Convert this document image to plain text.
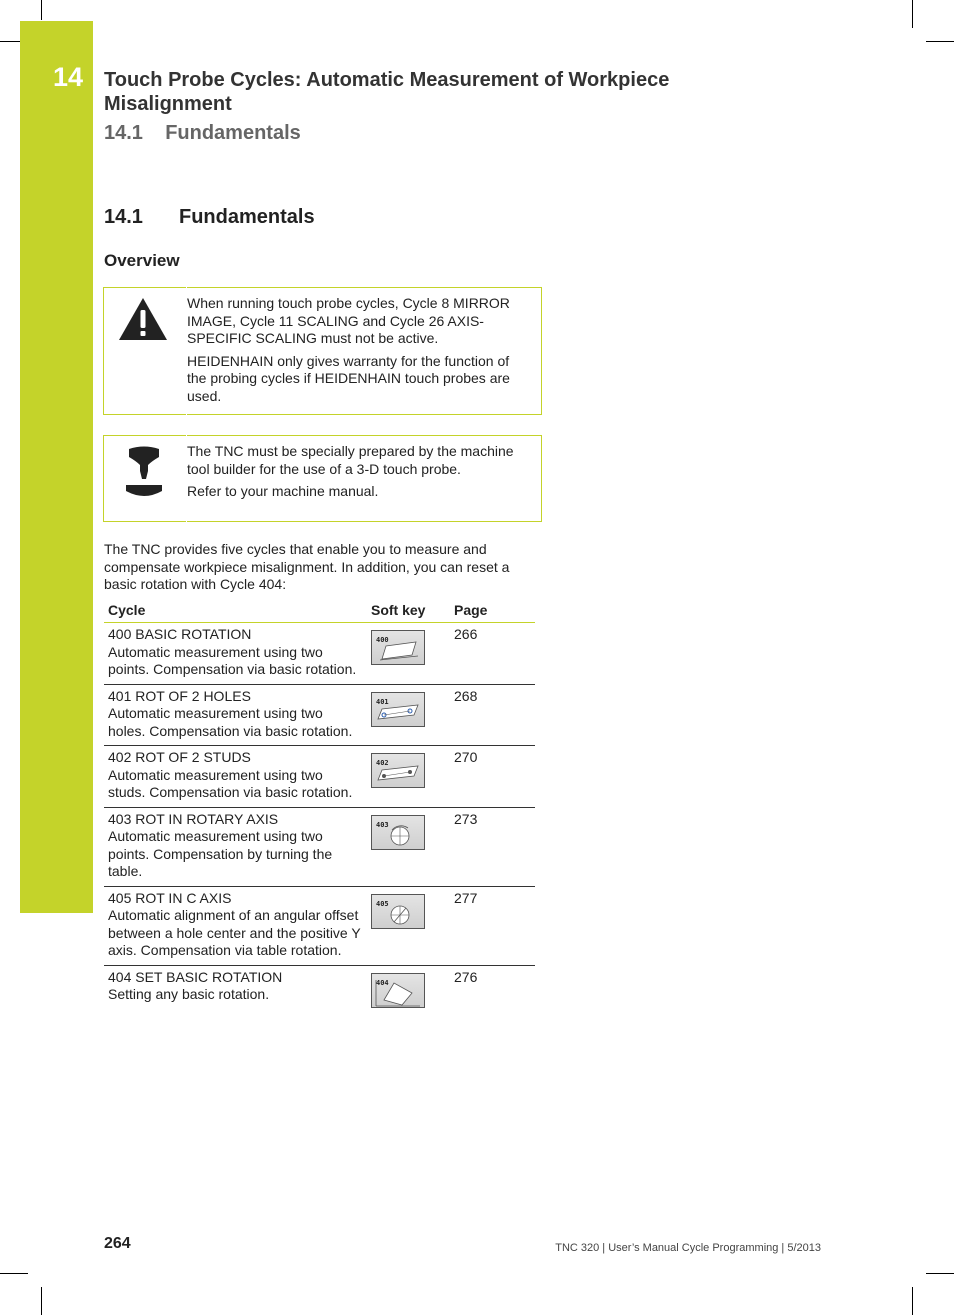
14 Touch Probe Cycles: Automatic Measurement of Workpiece Misalignment
14.1 Fundamentals
14.1 Fundamentals
Overview

When running touch probe cycles, Cycle 8 MIRROR IMAGE, Cycle 11 SCALING and Cycle 26 AXIS-SPECIFIC SCALING must not be active.

HEIDENHAIN only gives warranty for the function of the probing cycles if HEIDENHAIN touch probes are used.

The TNC must be specially prepared by the machine tool builder for the use of a 3-D touch probe.

Refer to your machine manual.

The TNC provides five cycles that enable you to measure and compensate workpiece misalignment. In addition, you can reset a basic rotation with Cycle 404:

Cycle	Soft key	Page
400 BASIC ROTATION
Automatic measurement using two points. Compensation via basic rotation.	400	266
401 ROT OF 2 HOLES
Automatic measurement using two holes. Compensation via basic rotation.	401	268
402 ROT OF 2 STUDS
Automatic measurement using two studs. Compensation via basic rotation.	402	270
403 ROT IN ROTARY AXIS
Automatic measurement using two points. Compensation by turning the table.	403	273
405 ROT IN C AXIS
Automatic alignment of an angular offset between a hole center and the positive Y axis. Compensation via table rotation.	405	277
404 SET BASIC ROTATION
Setting any basic rotation.	404	276
264	TNC 320 | User’s Manual Cycle Programming | 5/2013
